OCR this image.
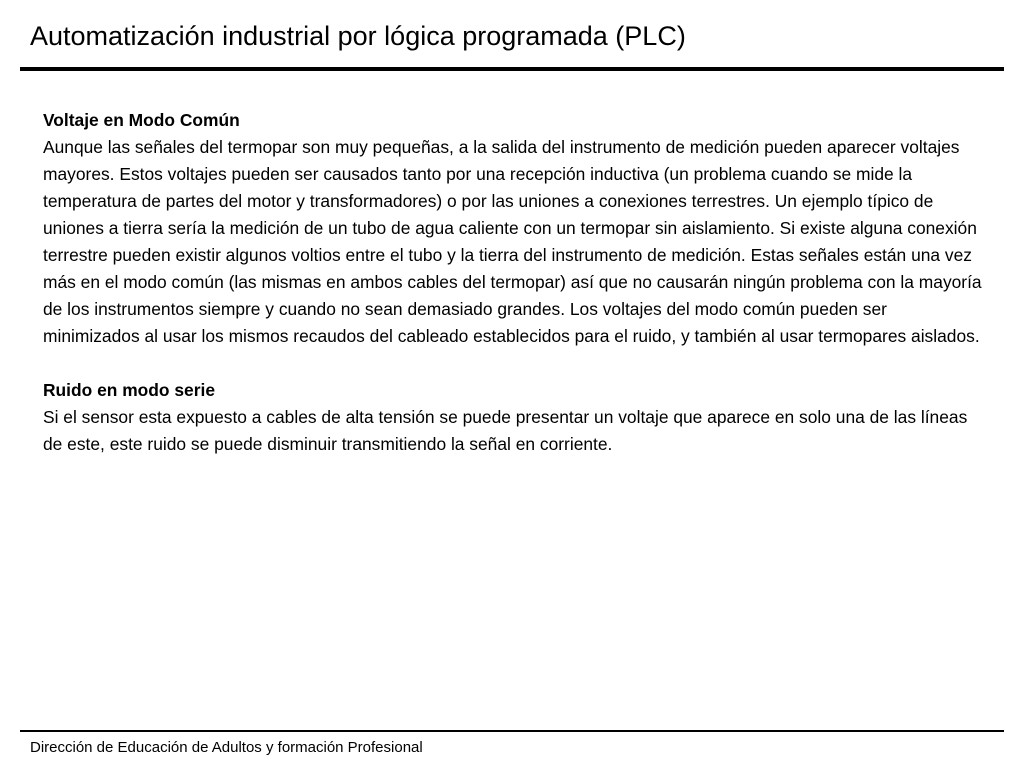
Automatización industrial por lógica programada (PLC)
Voltaje en Modo Común

Aunque las señales del termopar son muy pequeñas, a la salida del instrumento de medición pueden aparecer voltajes mayores. Estos voltajes pueden ser causados tanto por una recepción inductiva (un problema cuando se mide la temperatura de partes del motor y transformadores) o por las uniones a conexiones terrestres. Un ejemplo típico de uniones a tierra sería la medición de un tubo de agua caliente con un termopar sin aislamiento. Si existe alguna conexión terrestre pueden existir algunos voltios entre el tubo y la tierra del instrumento de medición. Estas señales están una vez más en el modo común (las mismas en ambos cables del termopar) así que no causarán ningún problema con la mayoría de los instrumentos siempre y cuando no sean demasiado grandes. Los voltajes del modo común pueden ser minimizados al usar los mismos recaudos del cableado establecidos para el ruido, y también al usar termopares aislados.

Ruido en modo serie

Si el sensor esta expuesto a cables de alta tensión se puede presentar un voltaje que aparece en solo una de las líneas de este, este ruido se puede disminuir transmitiendo la señal en corriente.

Dirección de Educación de Adultos y formación Profesional
